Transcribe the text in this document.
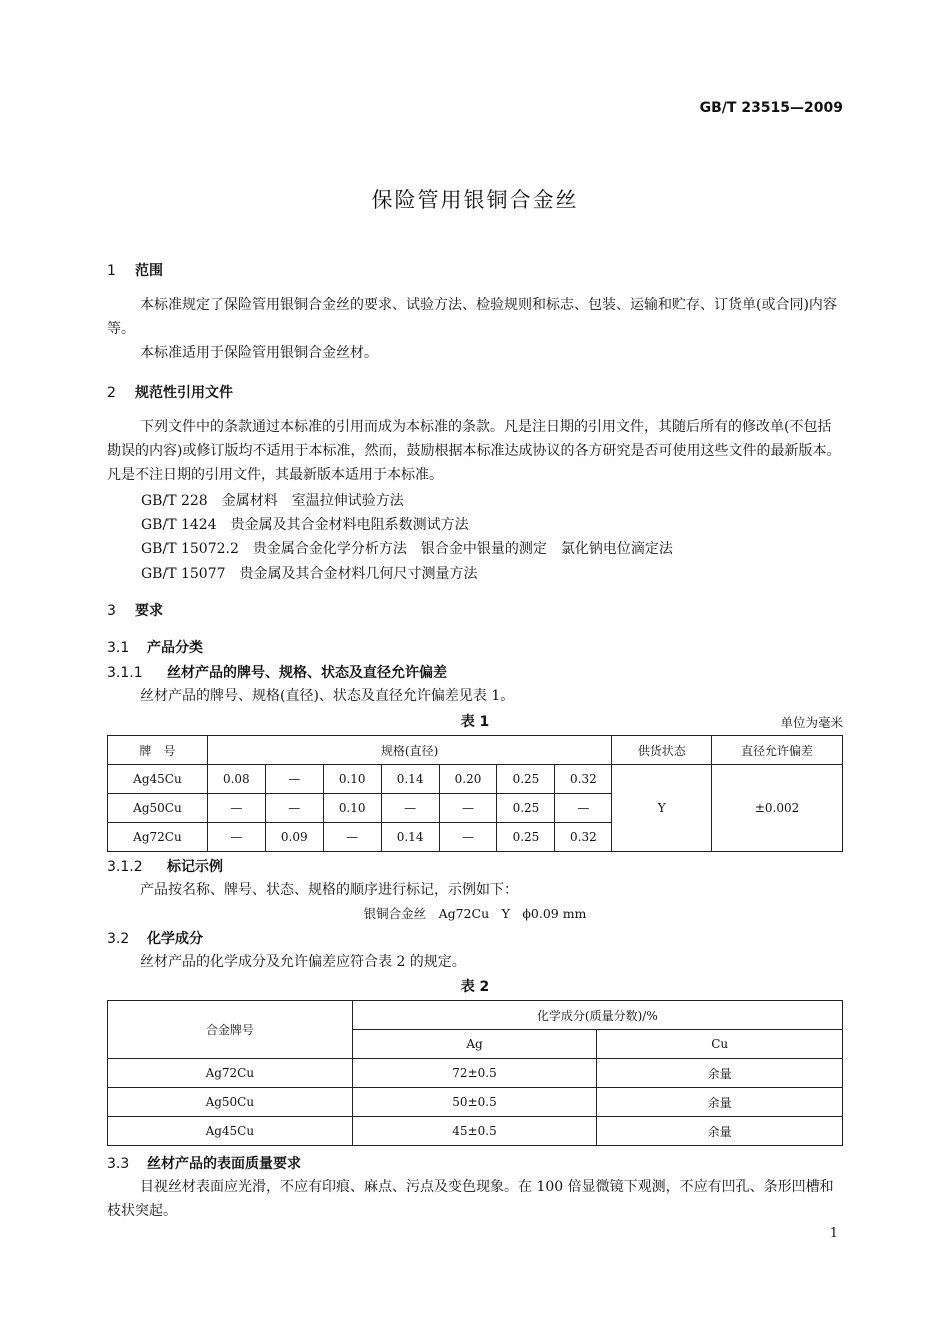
GB/T 23515—2009
保险管用银铜合金丝
1 范围
本标准规定了保险管用银铜合金丝的要求、试验方法、检验规则和标志、包装、运输和贮存、订货单(或合同)内容等。
本标准适用于保险管用银铜合金丝材。
2 规范性引用文件
下列文件中的条款通过本标准的引用而成为本标准的条款。凡是注日期的引用文件，其随后所有的修改单(不包括勘误的内容)或修订版均不适用于本标准，然而，鼓励根据本标准达成协议的各方研究是否可使用这些文件的最新版本。凡是不注日期的引用文件，其最新版本适用于本标准。
GB/T 228　金属材料　室温拉伸试验方法
GB/T 1424　贵金属及其合金材料电阻系数测试方法
GB/T 15072.2　贵金属合金化学分析方法　银合金中银量的测定　氯化钠电位滴定法
GB/T 15077　贵金属及其合金材料几何尺寸测量方法
3 要求
3.1 产品分类
3.1.1 丝材产品的牌号、规格、状态及直径允许偏差
丝材产品的牌号、规格(直径)、状态及直径允许偏差见表 1。
表 1	单位为毫米
牌　号	规格(直径)							供货状态	直径允许偏差
Ag45Cu	0.08	—	0.10	0.14	0.20	0.25	0.32	Y	±0.002
Ag50Cu	—	—	0.10	—	—	0.25	—		
Ag72Cu	—	0.09	—	0.14	—	0.25	0.32		
3.1.2 标记示例
产品按名称、牌号、状态、规格的顺序进行标记，示例如下：
银铜合金丝　Ag72Cu　Y　ϕ0.09 mm
3.2 化学成分
丝材产品的化学成分及允许偏差应符合表 2 的规定。
表 2
合金牌号	化学成分(质量分数)/%	
	Ag	Cu
Ag72Cu	72±0.5	余量
Ag50Cu	50±0.5	余量
Ag45Cu	45±0.5	余量
3.3 丝材产品的表面质量要求
目视丝材表面应光滑，不应有印痕、麻点、污点及变色现象。在 100 倍显微镜下观测，不应有凹孔、条形凹槽和枝状突起。
1
